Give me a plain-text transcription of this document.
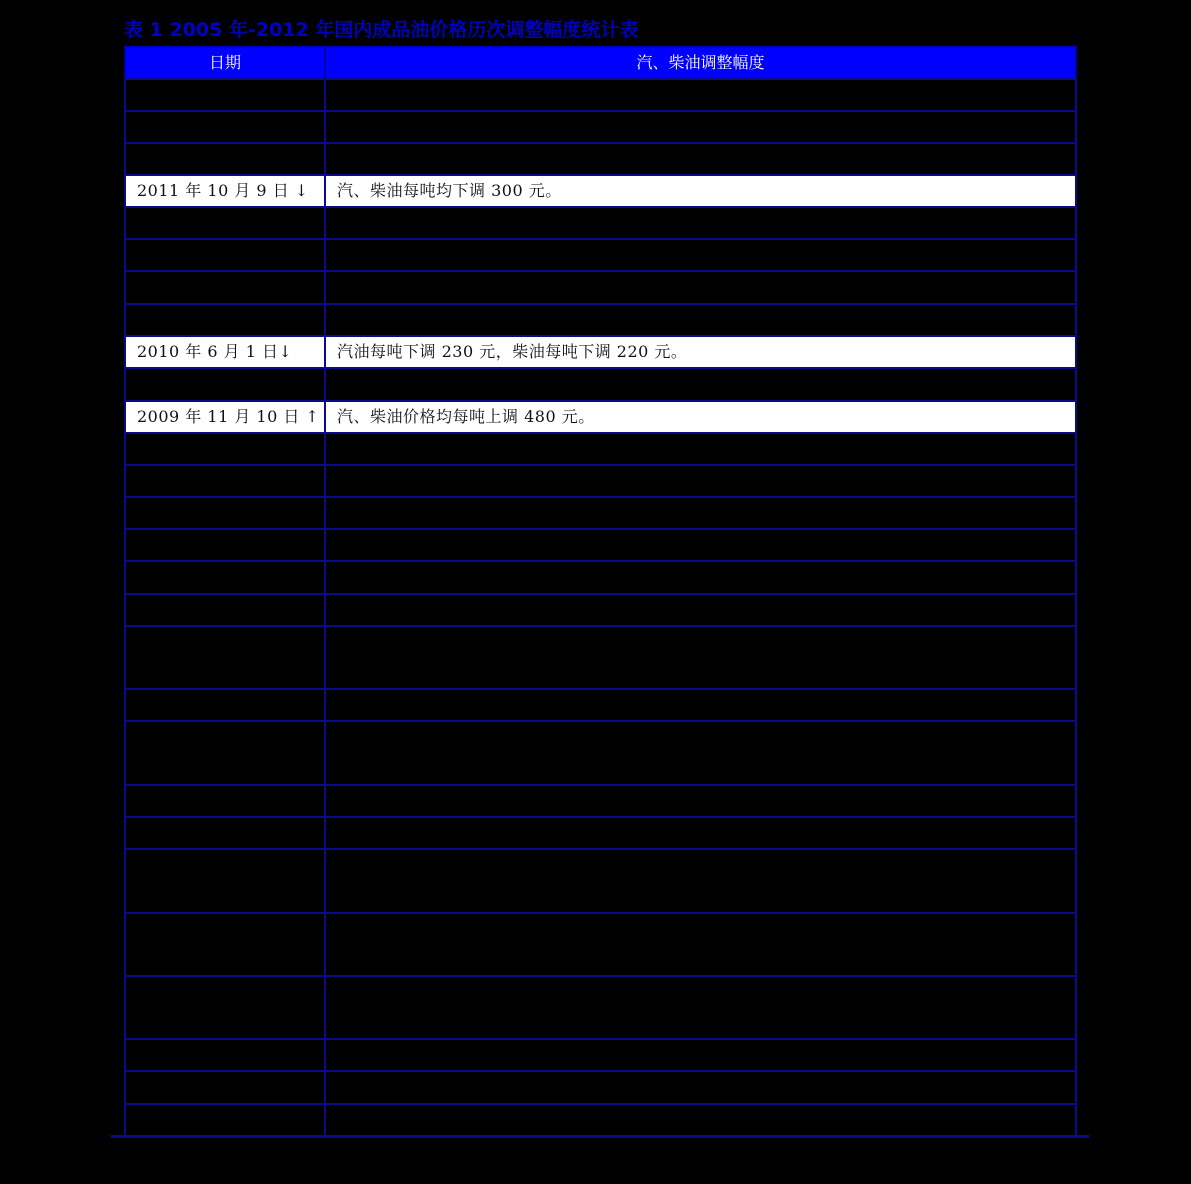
表 1 2005 年-2012 年国内成品油价格历次调整幅度统计表
日期	汽、柴油调整幅度
2011 年 10 月 9 日 ↓	汽、柴油每吨均下调 300 元。
2010 年 6 月 1 日↓	汽油每吨下调 230 元，柴油每吨下调 220 元。
2009 年 11 月 10 日 ↑	汽、柴油价格均每吨上调 480 元。
